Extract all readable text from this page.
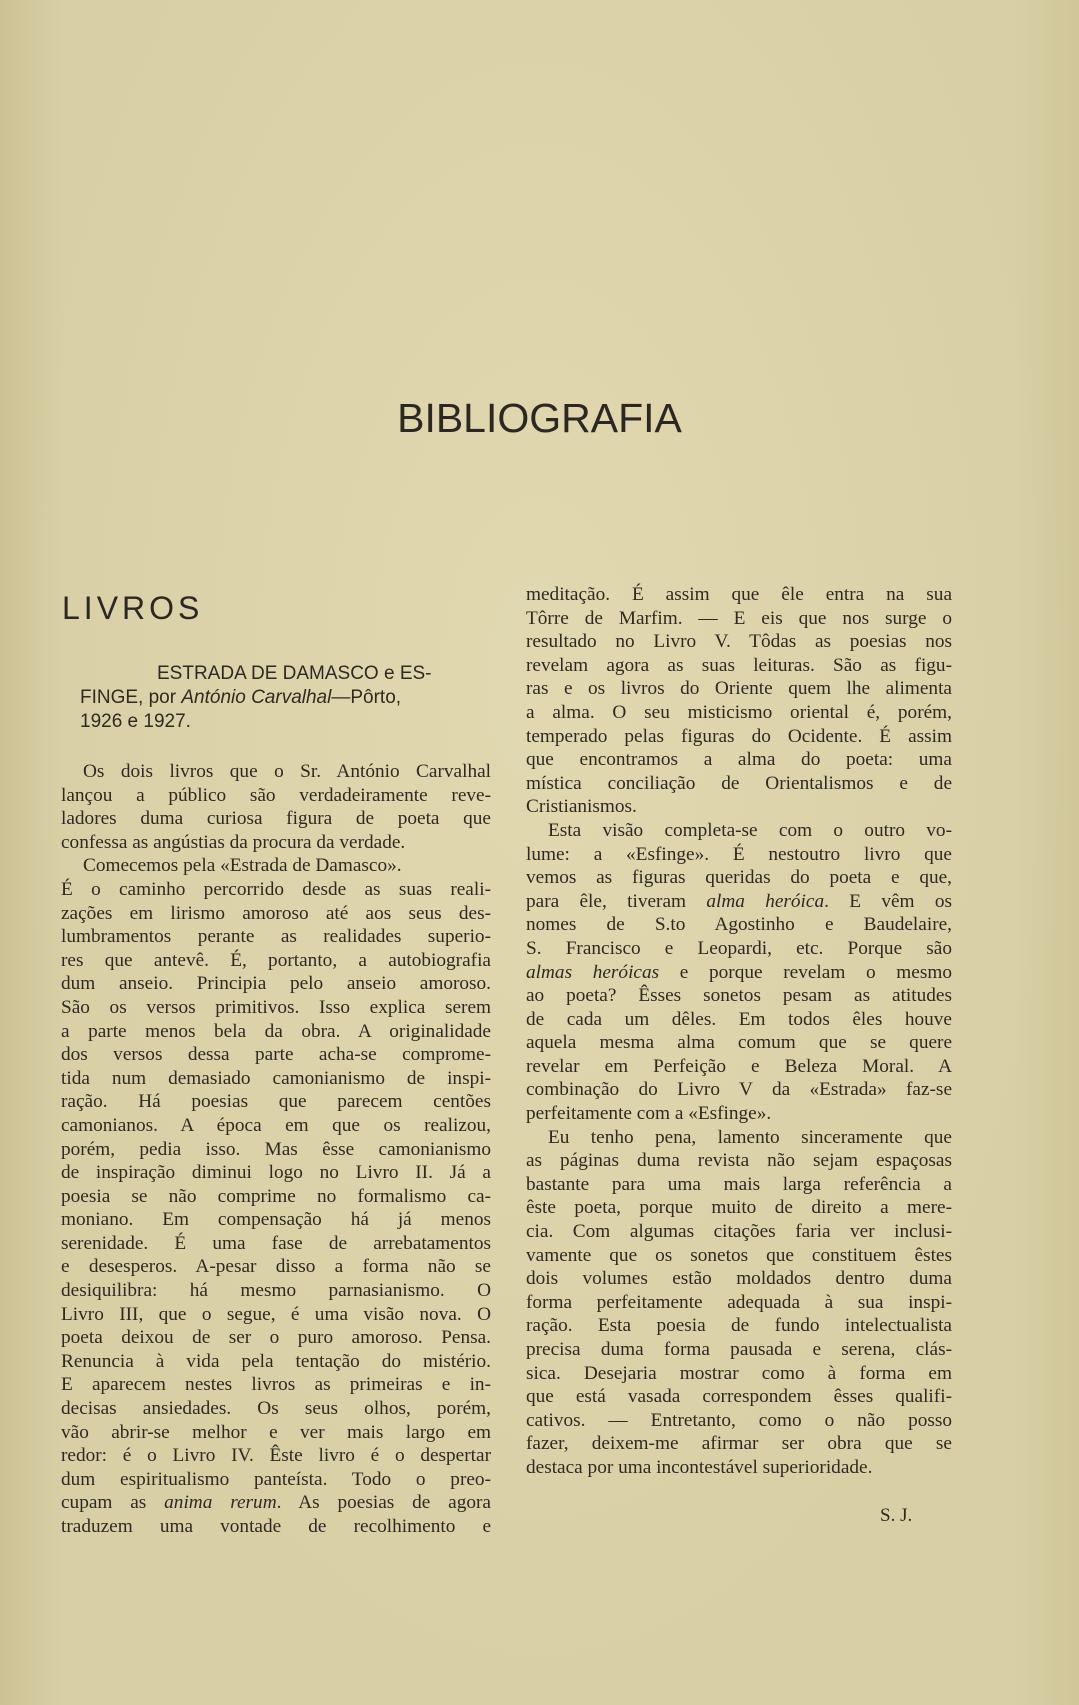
BIBLIOGRAFIA
LIVROS
ESTRADA DE DAMASCO e ES-
FINGE, por António Carvalhal—Pôrto,
1926 e 1927.
Os dois livros que o Sr. António Carvalhal
lançou a público são verdadeiramente reve-
ladores duma curiosa figura de poeta que
confessa as angústias da procura da verdade.
Comecemos pela «Estrada de Damasco».
É o caminho percorrido desde as suas reali-
zações em lirismo amoroso até aos seus des-
lumbramentos perante as realidades superio-
res que antevê. É, portanto, a autobiografia
dum anseio. Principia pelo anseio amoroso.
São os versos primitivos. Isso explica serem
a parte menos bela da obra. A originalidade
dos versos dessa parte acha-se comprome-
tida num demasiado camonianismo de inspi-
ração. Há poesias que parecem centões
camonianos. A época em que os realizou,
porém, pedia isso. Mas êsse camonianismo
de inspiração diminui logo no Livro II. Já a
poesia se não comprime no formalismo ca-
moniano. Em compensação há já menos
serenidade. É uma fase de arrebatamentos
e desesperos. A-pesar disso a forma não se
desiquilibra: há mesmo parnasianismo. O
Livro III, que o segue, é uma visão nova. O
poeta deixou de ser o puro amoroso. Pensa.
Renuncia à vida pela tentação do mistério.
E aparecem nestes livros as primeiras e in-
decisas ansiedades. Os seus olhos, porém,
vão abrir-se melhor e ver mais largo em
redor: é o Livro IV. Êste livro é o despertar
dum espiritualismo panteísta. Todo o preo-
cupam as anima rerum. As poesias de agora
traduzem uma vontade de recolhimento e
meditação. É assim que êle entra na sua
Tôrre de Marfim. — E eis que nos surge o
resultado no Livro V. Tôdas as poesias nos
revelam agora as suas leituras. São as figu-
ras e os livros do Oriente quem lhe alimenta
a alma. O seu misticismo oriental é, porém,
temperado pelas figuras do Ocidente. É assim
que encontramos a alma do poeta: uma
mística conciliação de Orientalismos e de
Cristianismos.
Esta visão completa-se com o outro vo-
lume: a «Esfinge». É nestoutro livro que
vemos as figuras queridas do poeta e que,
para êle, tiveram alma heróica. E vêm os
nomes de S.to Agostinho e Baudelaire,
S. Francisco e Leopardi, etc. Porque são
almas heróicas e porque revelam o mesmo
ao poeta? Êsses sonetos pesam as atitudes
de cada um dêles. Em todos êles houve
aquela mesma alma comum que se quere
revelar em Perfeição e Beleza Moral. A
combinação do Livro V da «Estrada» faz-se
perfeitamente com a «Esfinge».
Eu tenho pena, lamento sinceramente que
as páginas duma revista não sejam espaçosas
bastante para uma mais larga referência a
êste poeta, porque muito de direito a mere-
cia. Com algumas citações faria ver inclusi-
vamente que os sonetos que constituem êstes
dois volumes estão moldados dentro duma
forma perfeitamente adequada à sua inspi-
ração. Esta poesia de fundo intelectualista
precisa duma forma pausada e serena, clás-
sica. Desejaria mostrar como à forma em
que está vasada correspondem êsses qualifi-
cativos. — Entretanto, como o não posso
fazer, deixem-me afirmar ser obra que se
destaca por uma incontestável superioridade.
S. J.
